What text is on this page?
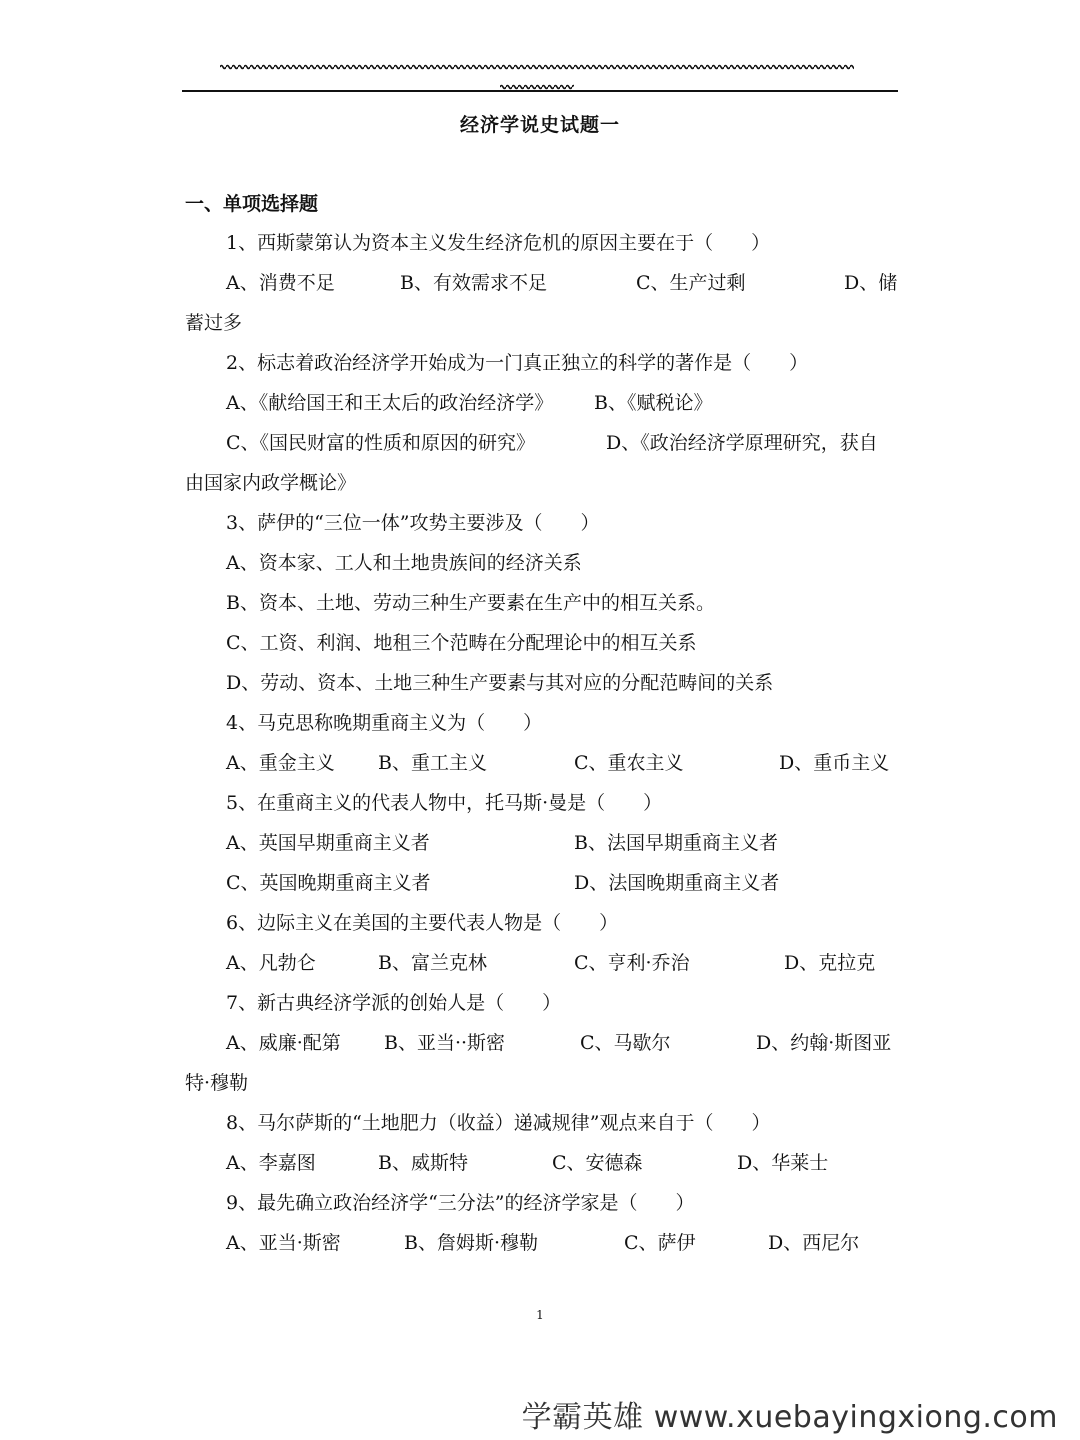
经济学说史试题一
一、单项选择题
1、西斯蒙第认为资本主义发生经济危机的原因主要在于（　　）
A、消费不足	B、有效需求不足	C、生产过剩	D、储
蓄过多
2、标志着政治经济学开始成为一门真正独立的科学的著作是（　　）
A、《献给国王和王太后的政治经济学》 B、《赋税论》
C、《国民财富的性质和原因的研究》	D、《政治经济学原理研究，获自
由国家内政学概论》
3、萨伊的“三位一体”攻势主要涉及（　　）
A、资本家、工人和土地贵族间的经济关系
B、资本、土地、劳动三种生产要素在生产中的相互关系。
C、工资、利润、地租三个范畴在分配理论中的相互关系
D、劳动、资本、土地三种生产要素与其对应的分配范畴间的关系
4、马克思称晚期重商主义为（　　）
A、重金主义 B、重工主义	C、重农主义	D、重币主义
5、在重商主义的代表人物中，托马斯·曼是（　　）
A、英国早期重商主义者	B、法国早期重商主义者
C、英国晚期重商主义者	D、法国晚期重商主义者
6、边际主义在美国的主要代表人物是（　　）
A、凡勃仑	B、富兰克林	C、亨利·乔治	D、克拉克
7、新古典经济学派的创始人是（　　）
A、威廉·配第 B、亚当··斯密	C、马歇尔	D、约翰·斯图亚
特·穆勒
8、马尔萨斯的“土地肥力（收益）递减规律”观点来自于（　　）
A、李嘉图	B、威斯特	C、安德森	D、华莱士
9、最先确立政治经济学“三分法”的经济学家是（　　）
A、亚当·斯密	B、詹姆斯·穆勒	C、萨伊	D、西尼尔
1
学霸英雄 www.xuebayingxiong.com
